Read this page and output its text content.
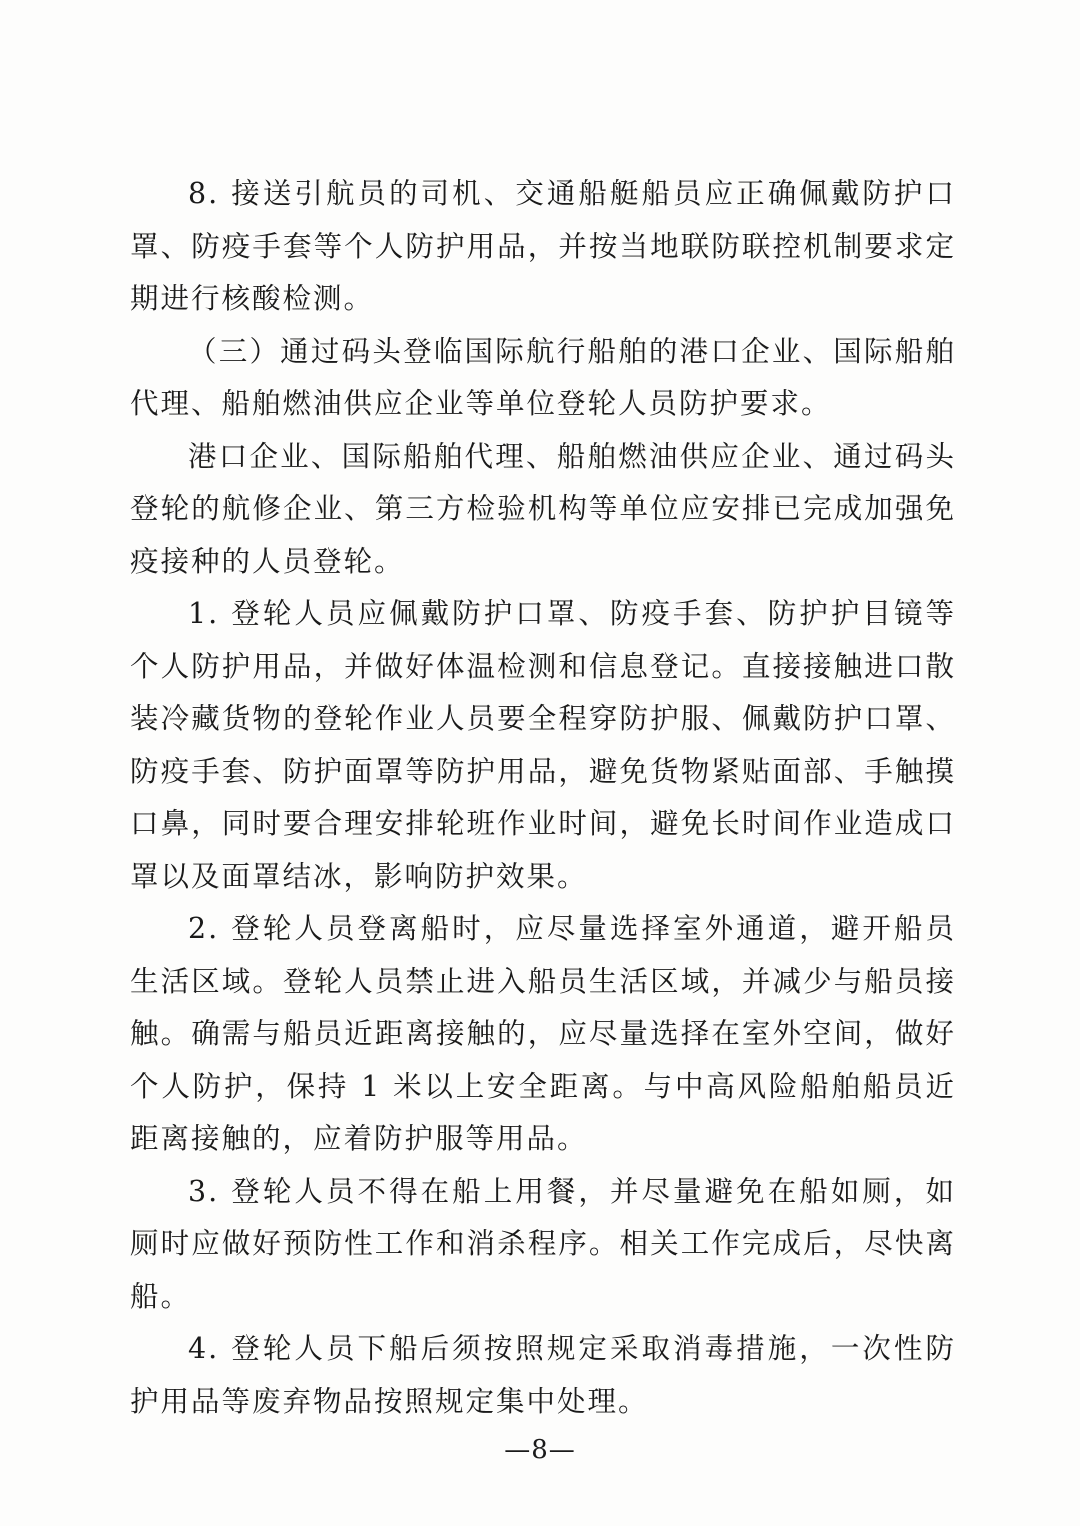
8. 接送引航员的司机、交通船艇船员应正确佩戴防护口罩、防疫手套等个人防护用品，并按当地联防联控机制要求定期进行核酸检测。

（三）通过码头登临国际航行船舶的港口企业、国际船舶代理、船舶燃油供应企业等单位登轮人员防护要求。

港口企业、国际船舶代理、船舶燃油供应企业、通过码头登轮的航修企业、第三方检验机构等单位应安排已完成加强免疫接种的人员登轮。

1. 登轮人员应佩戴防护口罩、防疫手套、防护护目镜等个人防护用品，并做好体温检测和信息登记。直接接触进口散装冷藏货物的登轮作业人员要全程穿防护服、佩戴防护口罩、防疫手套、防护面罩等防护用品，避免货物紧贴面部、手触摸口鼻，同时要合理安排轮班作业时间，避免长时间作业造成口罩以及面罩结冰，影响防护效果。

2. 登轮人员登离船时，应尽量选择室外通道，避开船员生活区域。登轮人员禁止进入船员生活区域，并减少与船员接触。确需与船员近距离接触的，应尽量选择在室外空间，做好个人防护，保持 1 米以上安全距离。与中高风险船舶船员近距离接触的，应着防护服等用品。

3. 登轮人员不得在船上用餐，并尽量避免在船如厕，如厕时应做好预防性工作和消杀程序。相关工作完成后，尽快离船。

4. 登轮人员下船后须按照规定采取消毒措施，一次性防护用品等废弃物品按照规定集中处理。

—8—
